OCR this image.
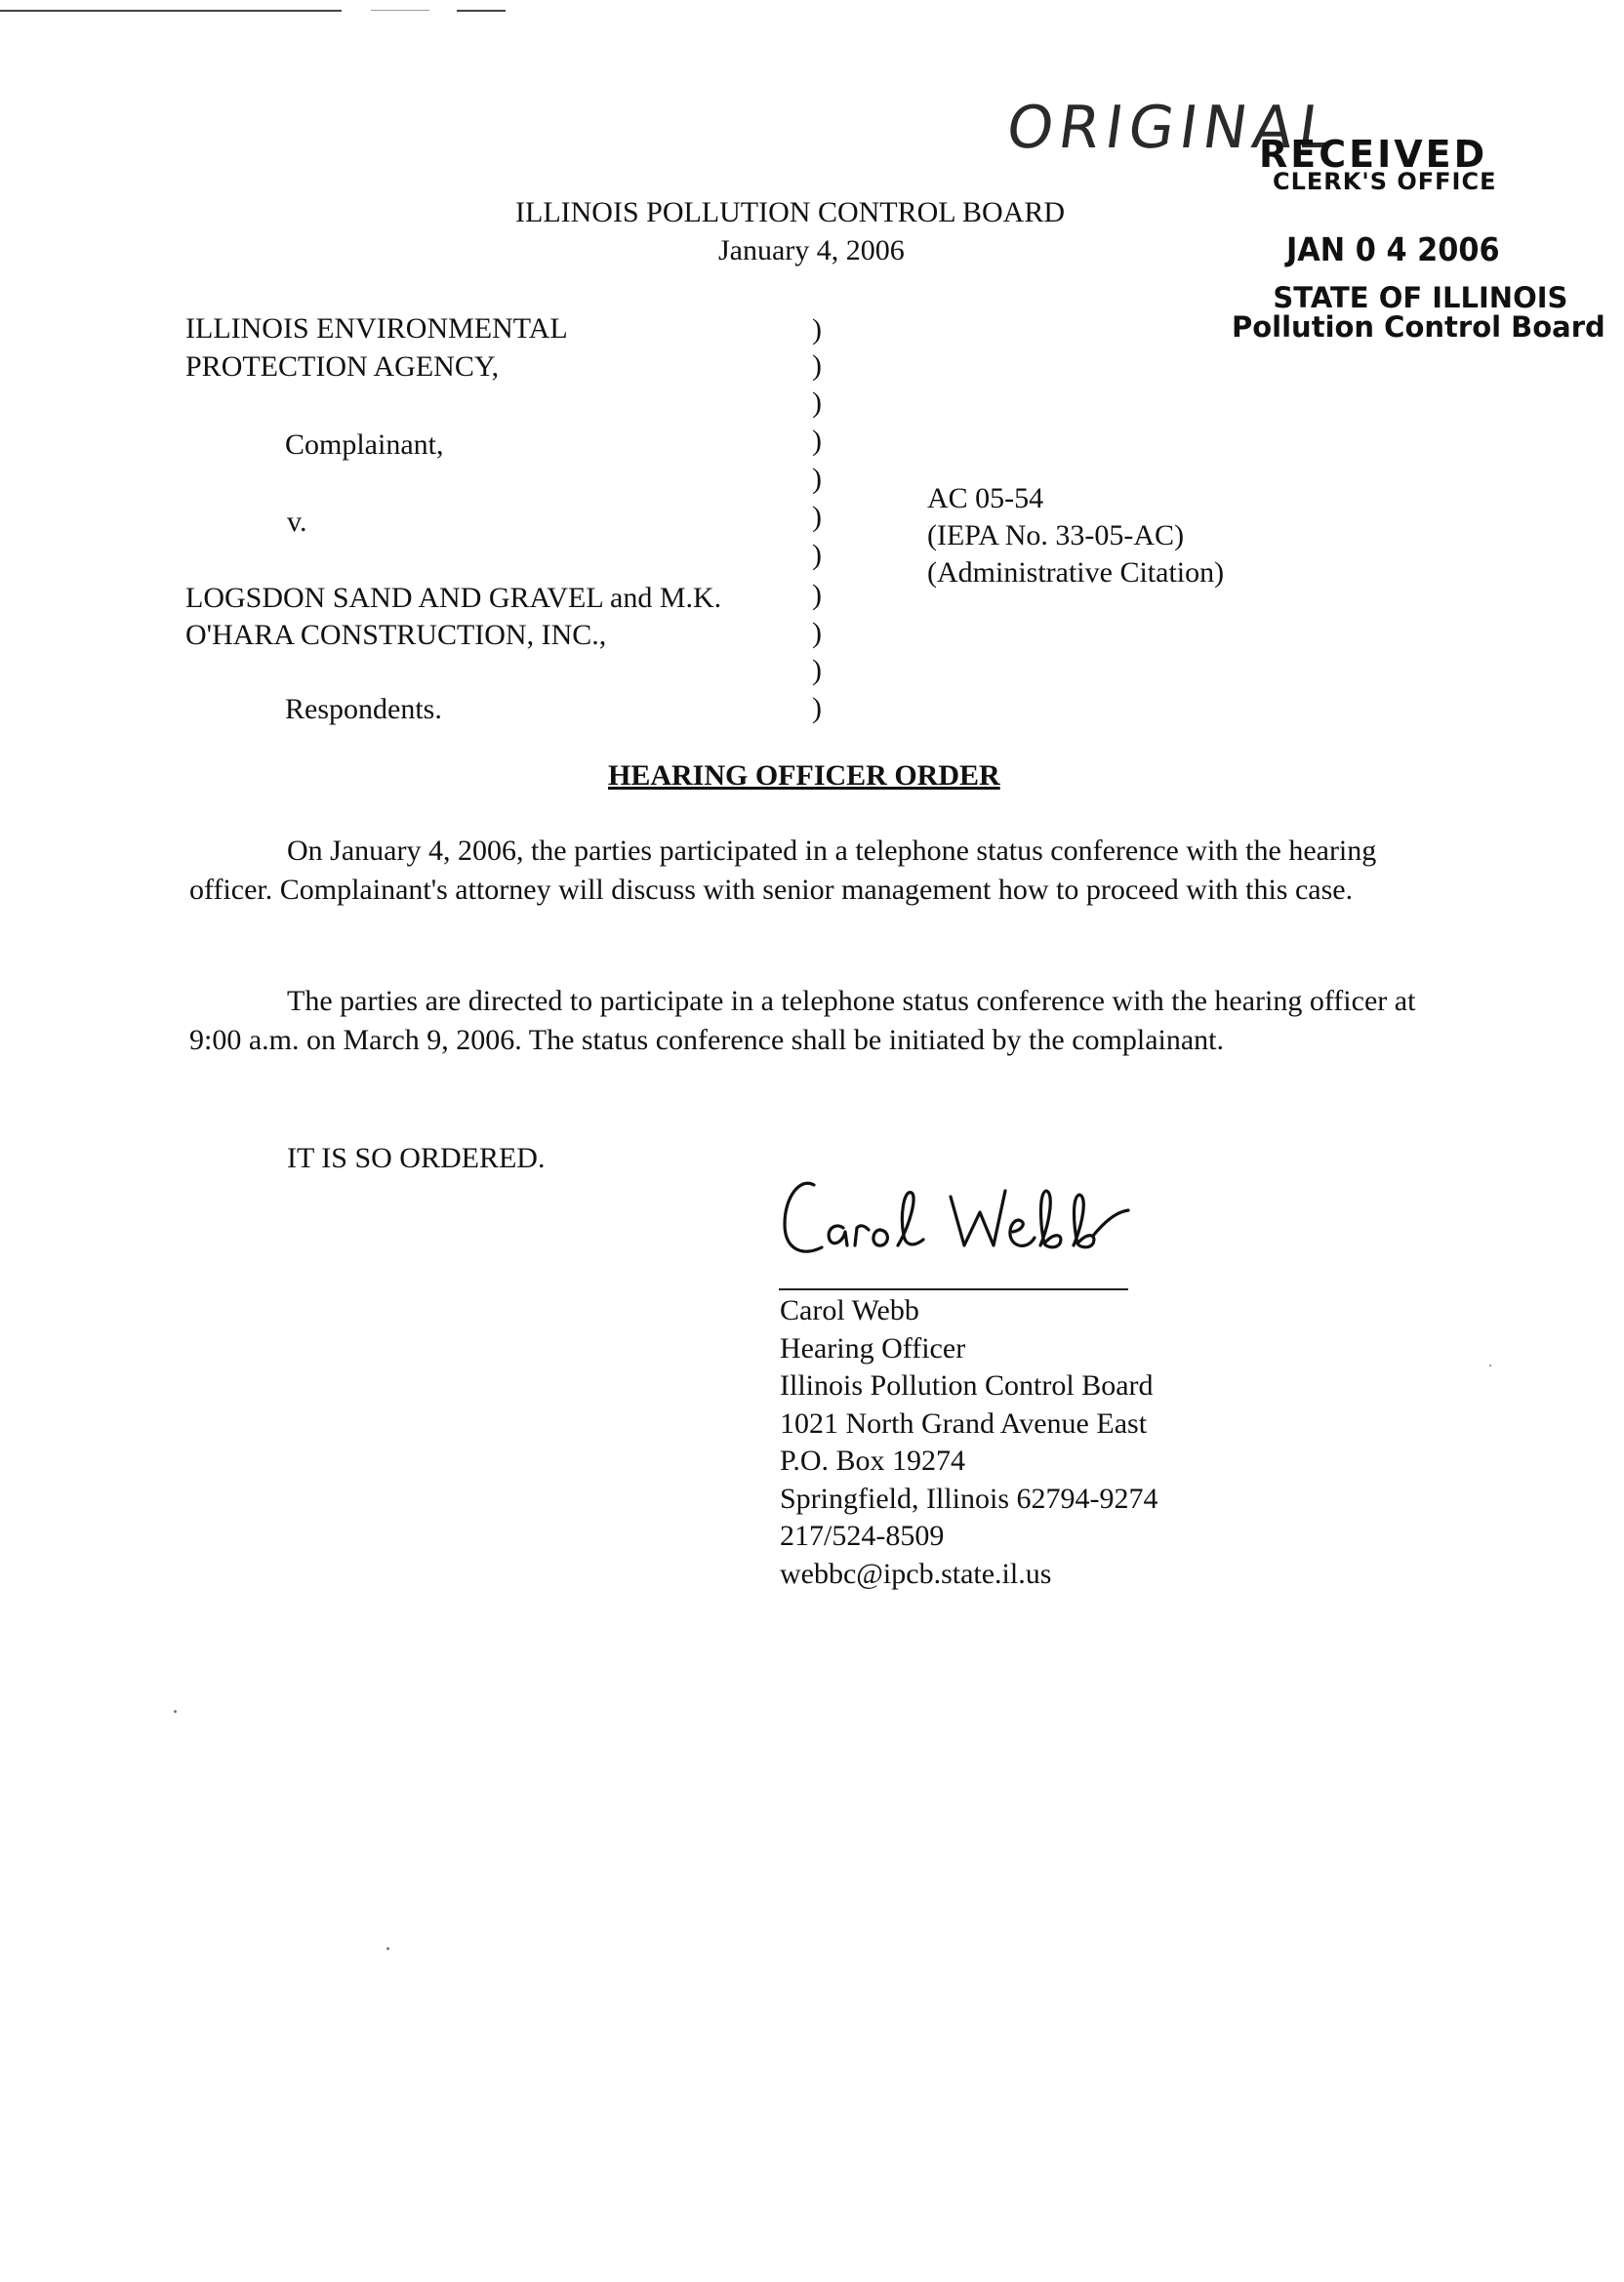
ORIGINAL
RECEIVED
CLERK'S OFFICE
JAN 0 4 2006
STATE OF ILLINOIS
Pollution Control Board
ILLINOIS POLLUTION CONTROL BOARD
January 4, 2006
ILLINOIS ENVIRONMENTAL
PROTECTION AGENCY,
Complainant,
v.
LOGSDON SAND AND GRAVEL and M.K.
O'HARA CONSTRUCTION, INC.,
Respondents.
)
)
)
)
)
)
)
)
)
)
)
AC 05-54
(IEPA No. 33-05-AC)
(Administrative Citation)
HEARING OFFICER ORDER
On January 4, 2006, the parties participated in a telephone status conference with the hearing officer. Complainant's attorney will discuss with senior management how to proceed with this case.
The parties are directed to participate in a telephone status conference with the hearing officer at 9:00 a.m. on March 9, 2006. The status conference shall be initiated by the complainant.
IT IS SO ORDERED.
Carol Webb
Hearing Officer
Illinois Pollution Control Board
1021 North Grand Avenue East
P.O. Box 19274
Springfield, Illinois 62794-9274
217/524-8509
webbc@ipcb.state.il.us
